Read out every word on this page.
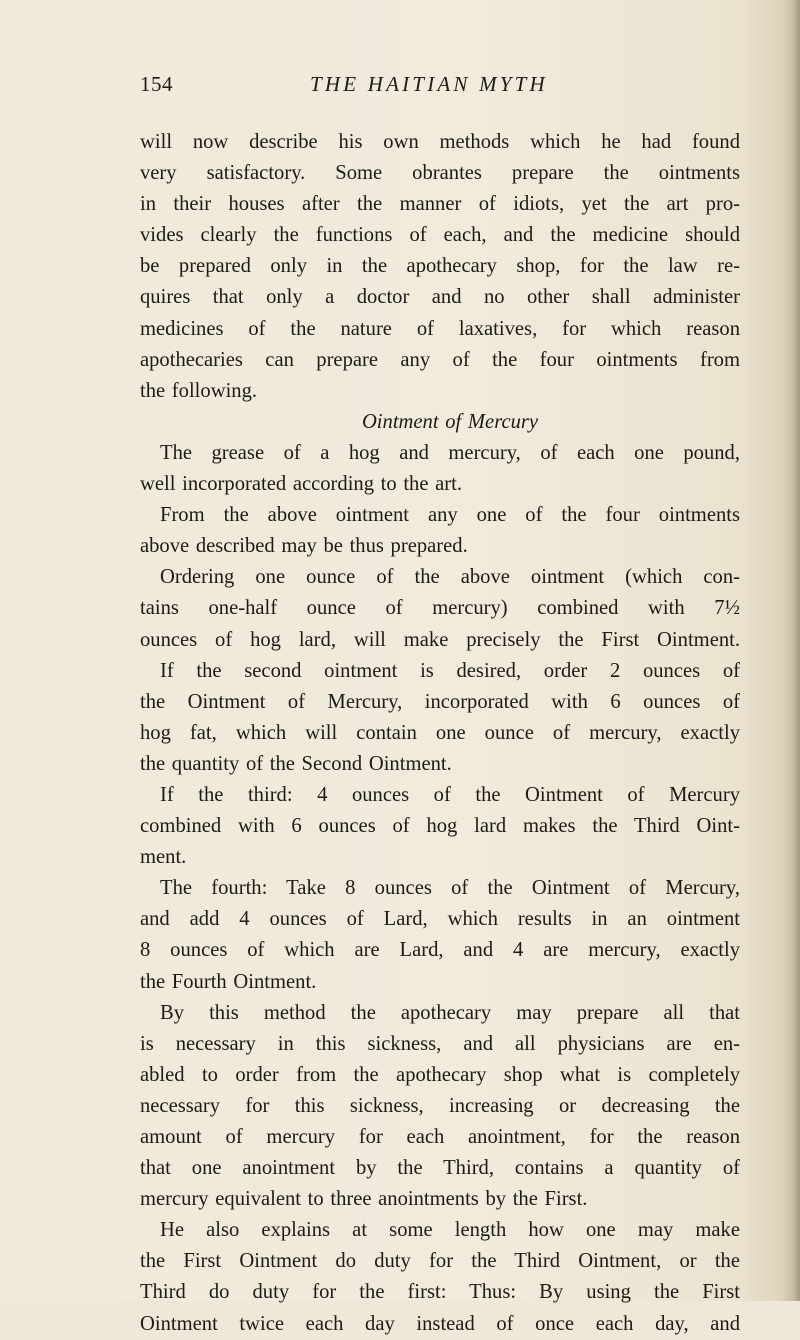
154	THE HAITIAN MYTH
will now describe his own methods which he had found
very satisfactory. Some obrantes prepare the ointments
in their houses after the manner of idiots, yet the art pro-
vides clearly the functions of each, and the medicine should
be prepared only in the apothecary shop, for the law re-
quires that only a doctor and no other shall administer
medicines of the nature of laxatives, for which reason
apothecaries can prepare any of the four ointments from
the following.
Ointment of Mercury
The grease of a hog and mercury, of each one pound,
well incorporated according to the art.
From the above ointment any one of the four ointments
above described may be thus prepared.
Ordering one ounce of the above ointment (which con-
tains one-half ounce of mercury) combined with 7½
ounces of hog lard, will make precisely the First Ointment.
If the second ointment is desired, order 2 ounces of
the Ointment of Mercury, incorporated with 6 ounces of
hog fat, which will contain one ounce of mercury, exactly
the quantity of the Second Ointment.
If the third: 4 ounces of the Ointment of Mercury
combined with 6 ounces of hog lard makes the Third Oint-
ment.
The fourth: Take 8 ounces of the Ointment of Mercury,
and add 4 ounces of Lard, which results in an ointment
8 ounces of which are Lard, and 4 are mercury, exactly
the Fourth Ointment.
By this method the apothecary may prepare all that
is necessary in this sickness, and all physicians are en-
abled to order from the apothecary shop what is completely
necessary for this sickness, increasing or decreasing the
amount of mercury for each anointment, for the reason
that one anointment by the Third, contains a quantity of
mercury equivalent to three anointments by the First.
He also explains at some length how one may make
the First Ointment do duty for the Third Ointment, or the
Third do duty for the first: Thus: By using the First
Ointment twice each day instead of once each day, and
